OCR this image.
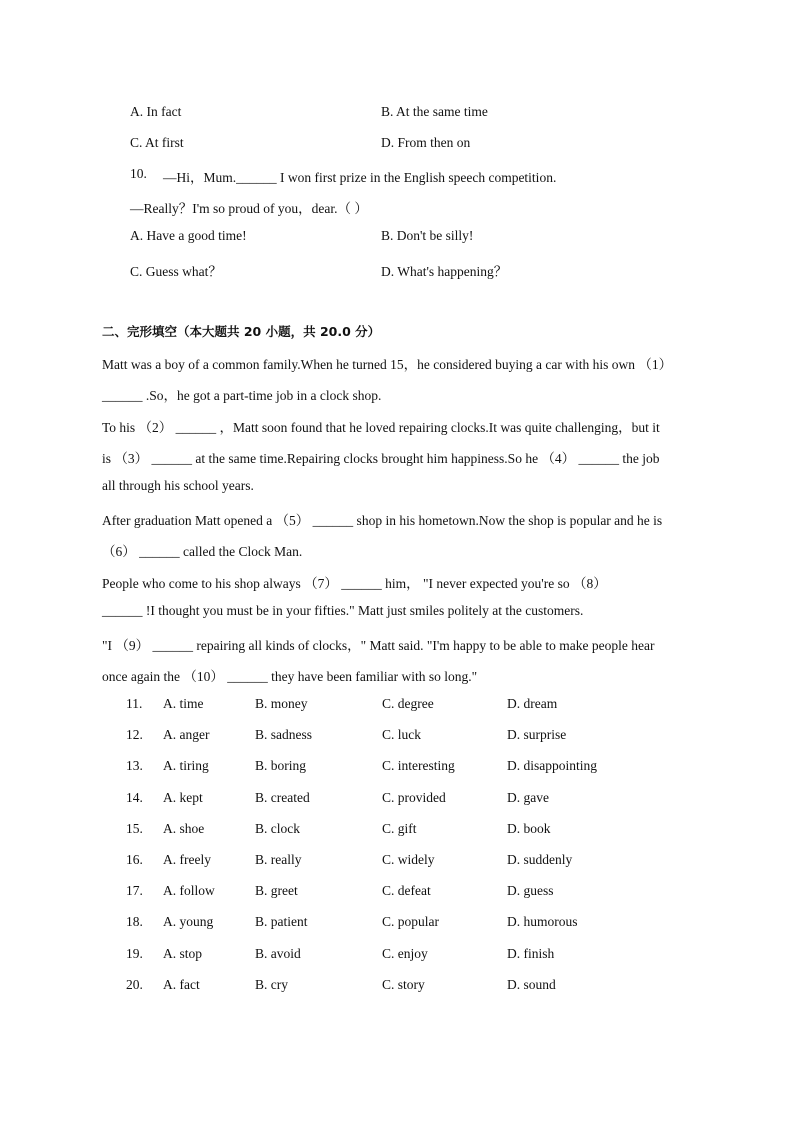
A. In fact	B. At the same time
C. At first	D. From then on
10. —Hi，Mum.______ I won first prize in the English speech competition.
—Really？I'm so proud of you，dear.（ ）
A. Have a good time!	B. Don't be silly!
C. Guess what？	D. What's happening？
二、完形填空（本大题共 20 小题，共 20.0 分）
Matt was a boy of a common family.When he turned 15，he considered buying a car with his own （1）
______ .So，he got a part-time job in a clock shop.
To his （2） ______ ，Matt soon found that he loved repairing clocks.It was quite challenging，but it
is （3） ______ at the same time.Repairing clocks brought him happiness.So he （4） ______ the job
all through his school years.
After graduation Matt opened a （5） ______ shop in his hometown.Now the shop is popular and he is
（6） ______ called the Clock Man.
People who come to his shop always （7） ______ him， "I never expected you're so （8）
______ !I thought you must be in your fifties." Matt just smiles politely at the customers.
"I （9） ______ repairing all kinds of clocks，" Matt said. "I'm happy to be able to make people hear
once again the （10） ______ they have been familiar with so long."
11. A. time	B. money	C. degree	D. dream
12. A. anger	B. sadness	C. luck	D. surprise
13. A. tiring	B. boring	C. interesting	D. disappointing
14. A. kept	B. created	C. provided	D. gave
15. A. shoe	B. clock	C. gift	D. book
16. A. freely	B. really	C. widely	D. suddenly
17. A. follow	B. greet	C. defeat	D. guess
18. A. young	B. patient	C. popular	D. humorous
19. A. stop	B. avoid	C. enjoy	D. finish
20. A. fact	B. cry	C. story	D. sound
